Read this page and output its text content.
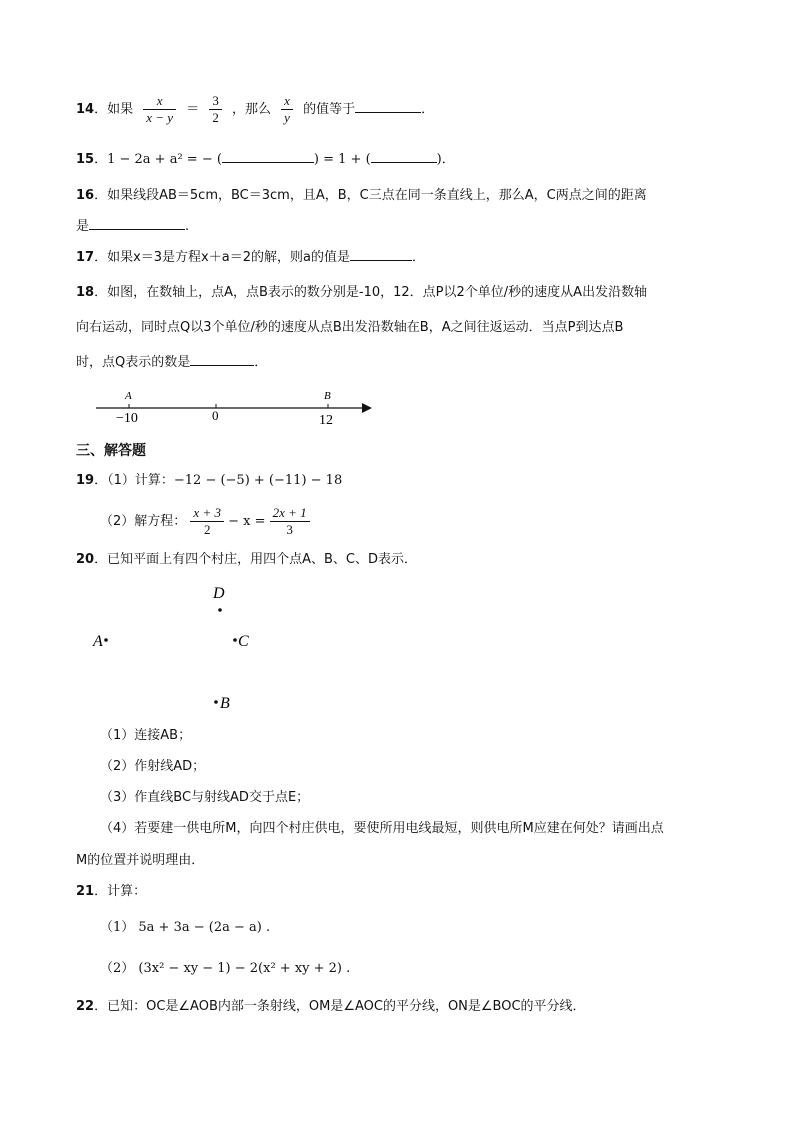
14．如果 $\frac{x}{x - y} = \frac{3}{2}$ ，那么 $\frac{x}{y}$ 的值等于	．
15．1 − 2a + a² = − (	) = 1 + (	)．
16．如果线段AB＝5cm，BC＝3cm，且A，B，C三点在同一条直线上，那么A，C两点之间的距离
是	.
17．如果x＝3是方程x＋a＝2的解，则a的值是	．
18．如图，在数轴上，点A，点B表示的数分别是-10，12．点P以2个单位/秒的速度从A出发沿数轴
向右运动，同时点Q以3个单位/秒的速度从点B出发沿数轴在B，A之间往返运动．当点P到达点B
时，点Q表示的数是	．
A	B
−10	0	12
三、解答题
19．（1）计算：−12 − (−5) + (−11) − 18
（2）解方程： $\frac{x + 3}{2} - x = \frac{2x + 1}{3}$
20．已知平面上有四个村庄，用四个点A、B、C、D表示．
D
A	C
B
（1）连接AB；
（2）作射线AD；
（3）作直线BC与射线AD交于点E；
（4）若要建一供电所M，向四个村庄供电，要使所用电线最短，则供电所M应建在何处？请画出点
M的位置并说明理由．
21．计算：
（1） 5a + 3a − (2a − a) .
（2） (3x² − xy − 1) − 2(x² + xy + 2) .
22．已知：OC是∠AOB内部一条射线，OM是∠AOC的平分线，ON是∠BOC的平分线．
